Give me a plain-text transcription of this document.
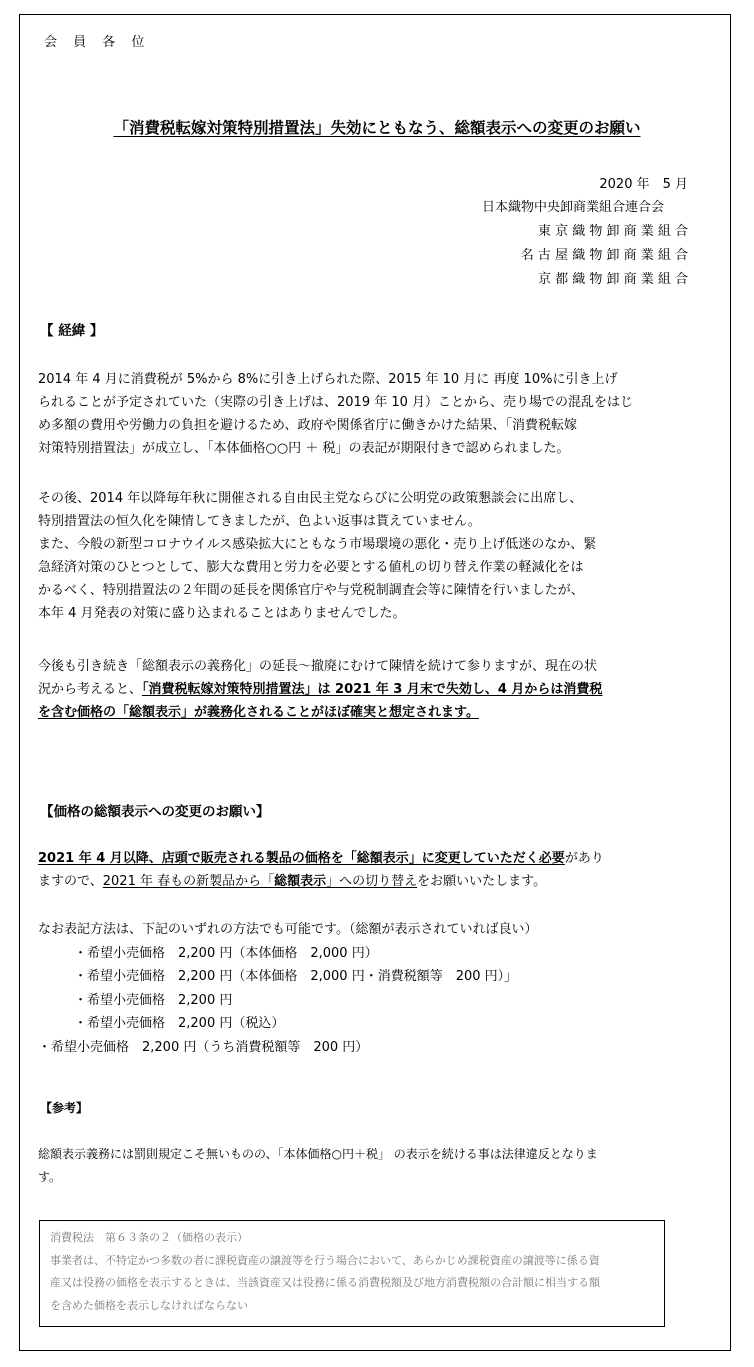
会 員 各 位
「消費税転嫁対策特別措置法」失効にともなう、総額表示への変更のお願い
2020 年　5 月
日本織物中央卸商業組合連合会
東 京 織 物 卸 商 業 組 合
名 古 屋 織 物 卸 商 業 組 合
京 都 織 物 卸 商 業 組 合
【 経緯 】

2014 年 4 月に消費税が 5%から 8%に引き上げられた際、2015 年 10 月に 再度 10%に引き上げ

られることが予定されていた（実際の引き上げは、2019 年 10 月）ことから、売り場での混乱をはじ

め多額の費用や労働力の負担を避けるため、政府や関係省庁に働きかけた結果、「消費税転嫁

対策特別措置法」が成立し、「本体価格○○円 ＋ 税」の表記が期限付きで認められました。

その後、2014 年以降毎年秋に開催される自由民主党ならびに公明党の政策懇談会に出席し、

特別措置法の恒久化を陳情してきましたが、色よい返事は貰えていません。

また、今般の新型コロナウイルス感染拡大にともなう市場環境の悪化・売り上げ低迷のなか、緊

急経済対策のひとつとして、膨大な費用と労力を必要とする値札の切り替え作業の軽減化をは

かるべく、特別措置法の２年間の延長を関係官庁や与党税制調査会等に陳情を行いましたが、

本年 4 月発表の対策に盛り込まれることはありませんでした。

今後も引き続き「総額表示の義務化」の延長～撤廃にむけて陳情を続けて参りますが、現在の状

況から考えると、「消費税転嫁対策特別措置法」は 2021 年 3 月末で失効し、4 月からは消費税

を含む価格の「総額表示」が義務化されることがほぼ確実と想定されます。

【価格の総額表示への変更のお願い】

2021 年 4 月以降、店頭で販売される製品の価格を「総額表示」に変更していただく必要があり

ますので、2021 年 春もの新製品から「総額表示」への切り替えをお願いいたします。

なお表記方法は、下記のいずれの方法でも可能です。（総額が表示されていれば良い）
・希望小売価格　2,200 円（本体価格　2,000 円）
・希望小売価格　2,200 円（本体価格　2,000 円・消費税額等　200 円）」
・希望小売価格　2,200 円
・希望小売価格　2,200 円（税込）
・希望小売価格　2,200 円（うち消費税額等　200 円）
【参考】

総額表示義務には罰則規定こそ無いものの、「本体価格○円＋税」 の表示を続ける事は法律違反となりま

す。

消費税法　第６３条の２（価格の表示）
事業者は、不特定かつ多数の者に課税資産の譲渡等を行う場合において、あらかじめ課税資産の譲渡等に係る資
産又は役務の価格を表示するときは、当該資産又は役務に係る消費税額及び地方消費税額の合計額に相当する額
を含めた価格を表示しなければならない
